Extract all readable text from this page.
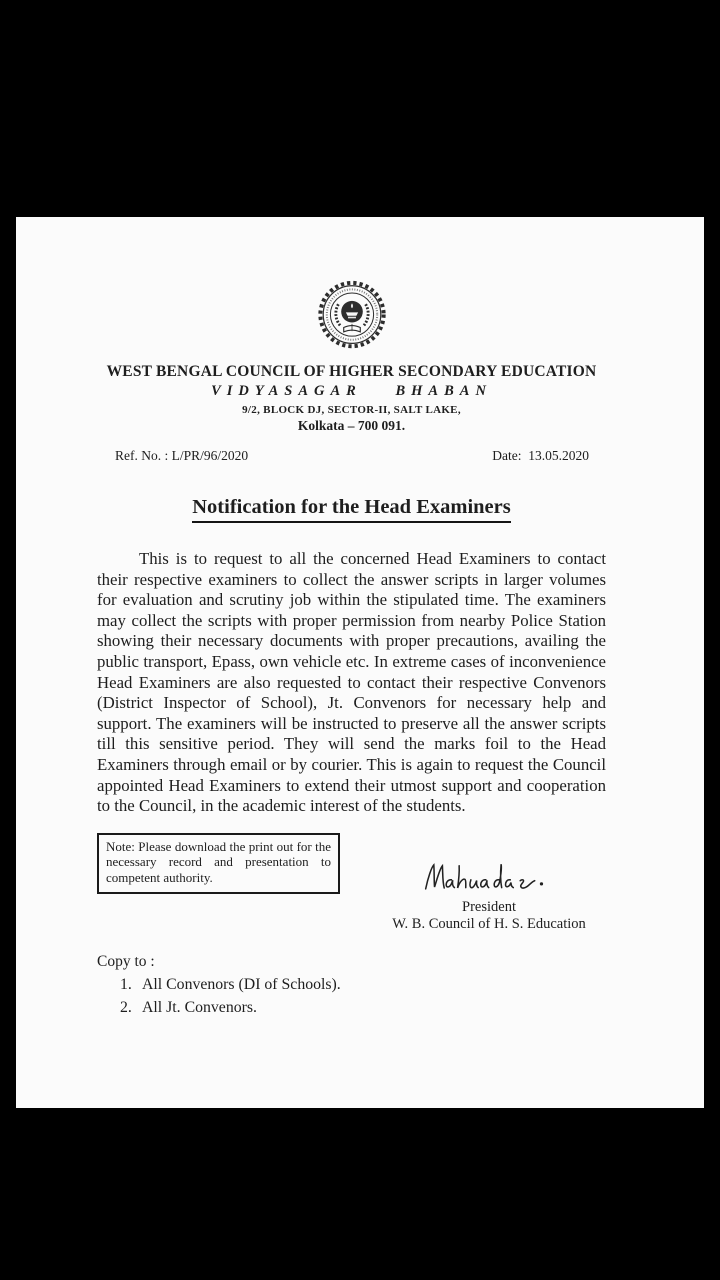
WEST BENGAL COUNCIL OF HIGHER SECONDARY EDUCATION
VIDYASAGAR BHABAN
9/2, BLOCK DJ, SECTOR-II, SALT LAKE,
Kolkata – 700 091.
Ref. No. : L/PR/96/2020	Date:  13.05.2020
Notification for the Head Examiners

This is to request to all the concerned Head Examiners to contact their respective examiners to collect the answer scripts in larger volumes for evaluation and scrutiny job within the stipulated time. The examiners may collect the scripts with proper permission from nearby Police Station showing their necessary documents with proper precautions, availing the public transport, Epass, own vehicle etc. In extreme cases of inconvenience Head Examiners are also requested to contact their respective Convenors (District Inspector of School), Jt. Convenors for necessary help and support. The examiners will be instructed to preserve all the answer scripts till this sensitive period. They will send the marks foil to the Head Examiners through email or by courier. This is again to request the Council appointed Head Examiners to extend their utmost support and cooperation to the Council, in the academic interest of the students.

Note: Please download the print out for the necessary record and presentation to competent authority.
President
W. B. Council of H. S. Education
Copy to :
1. All Convenors (DI of Schools).
2. All Jt. Convenors.
